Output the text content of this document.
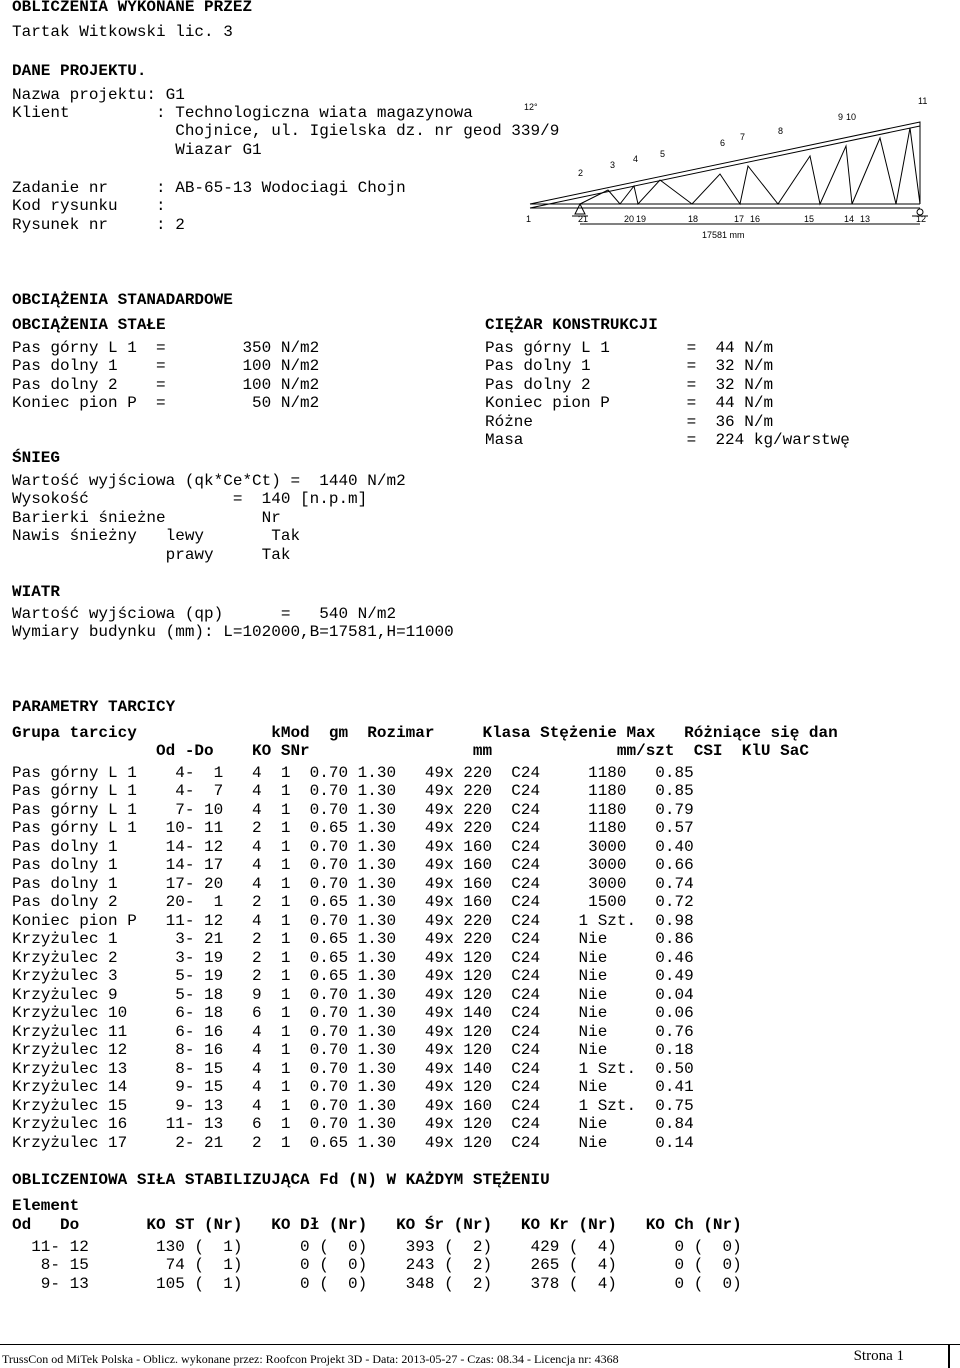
OBLICZENIA WYKONANE PRZEZ
Tartak Witkowski lic. 3
DANE PROJEKTU.
Nazwa projektu: G1
Klient         : Technologiczna wiata magazynowa
Chojnice, ul. Igielska dz. nr geod 339/9
Wiazar G1
Zadanie nr     : AB-65-13 Wodociagi Chojn
Kod rysunku    :
Rysunek nr     : 2
12°
2
3
4 5
6
7
8
9 10
11
1	21	20 19	18	17 16	15	14 13	12
17581 mm
OBCIĄŻENIA STANADARDOWE
OBCIĄŻENIA STAŁE
Pas górny L 1  =        350 N/m2
Pas dolny 1    =        100 N/m2
Pas dolny 2    =        100 N/m2
Koniec pion P  =         50 N/m2
CIĘŻAR KONSTRUKCJI
Pas górny L 1        =  44 N/m
Pas dolny 1          =  32 N/m
Pas dolny 2          =  32 N/m
Koniec pion P        =  44 N/m
Różne                =  36 N/m
Masa                 =  224 kg/warstwę
ŚNIEG
Wartość wyjściowa (qk*Ce*Ct) =  1440 N/m2
Wysokość               =  140 [n.p.m]
Barierki śnieżne          Nr
Nawis śnieżny   lewy       Tak
prawy     Tak
WIATR
Wartość wyjściowa (qp)      =   540 N/m2
Wymiary budynku (mm): L=102000,B=17581,H=11000
PARAMETRY TARCICY
Grupa tarcicy              kMod  gm  Rozimar     Klasa Stężenie Max   Różniące się dan
Od -Do    KO SNr                 mm             mm/szt  CSI  KlU SaC
Pas górny L 1    4-  1   4  1  0.70 1.30   49x 220  C24     1180   0.85
Pas górny L 1    4-  7   4  1  0.70 1.30   49x 220  C24     1180   0.85
Pas górny L 1    7- 10   4  1  0.70 1.30   49x 220  C24     1180   0.79
Pas górny L 1   10- 11   2  1  0.65 1.30   49x 220  C24     1180   0.57
Pas dolny 1     14- 12   4  1  0.70 1.30   49x 160  C24     3000   0.40
Pas dolny 1     14- 17   4  1  0.70 1.30   49x 160  C24     3000   0.66
Pas dolny 1     17- 20   4  1  0.70 1.30   49x 160  C24     3000   0.74
Pas dolny 2     20-  1   2  1  0.65 1.30   49x 160  C24     1500   0.72
Koniec pion P   11- 12   4  1  0.70 1.30   49x 220  C24    1 Szt.  0.98
Krzyżulec 1      3- 21   2  1  0.65 1.30   49x 220  C24    Nie     0.86
Krzyżulec 2      3- 19   2  1  0.65 1.30   49x 120  C24    Nie     0.46
Krzyżulec 3      5- 19   2  1  0.65 1.30   49x 120  C24    Nie     0.49
Krzyżulec 9      5- 18   9  1  0.70 1.30   49x 120  C24    Nie     0.04
Krzyżulec 10     6- 18   6  1  0.70 1.30   49x 140  C24    Nie     0.06
Krzyżulec 11     6- 16   4  1  0.70 1.30   49x 120  C24    Nie     0.76
Krzyżulec 12     8- 16   4  1  0.70 1.30   49x 120  C24    Nie     0.18
Krzyżulec 13     8- 15   4  1  0.70 1.30   49x 140  C24    1 Szt.  0.50
Krzyżulec 14     9- 15   4  1  0.70 1.30   49x 120  C24    Nie     0.41
Krzyżulec 15     9- 13   4  1  0.70 1.30   49x 160  C24    1 Szt.  0.75
Krzyżulec 16    11- 13   6  1  0.70 1.30   49x 120  C24    Nie     0.84
Krzyżulec 17     2- 21   2  1  0.65 1.30   49x 120  C24    Nie     0.14
OBLICZENIOWA SIŁA STABILIZUJĄCA Fd (N) W KAŻDYM STĘŻENIU
Element
Od   Do       KO ST (Nr)   KO Dł (Nr)   KO Śr (Nr)   KO Kr (Nr)   KO Ch (Nr)
11- 12       130 (  1)      0 (  0)    393 (  2)    429 (  4)      0 (  0)
8- 15        74 (  1)      0 (  0)    243 (  2)    265 (  4)      0 (  0)
9- 13       105 (  1)      0 (  0)    348 (  2)    378 (  4)      0 (  0)
TrussCon od MiTek Polska - Oblicz. wykonane przez: Roofcon Projekt 3D - Data: 2013-05-27 - Czas: 08.34 - Licencja nr: 4368	Strona 1
